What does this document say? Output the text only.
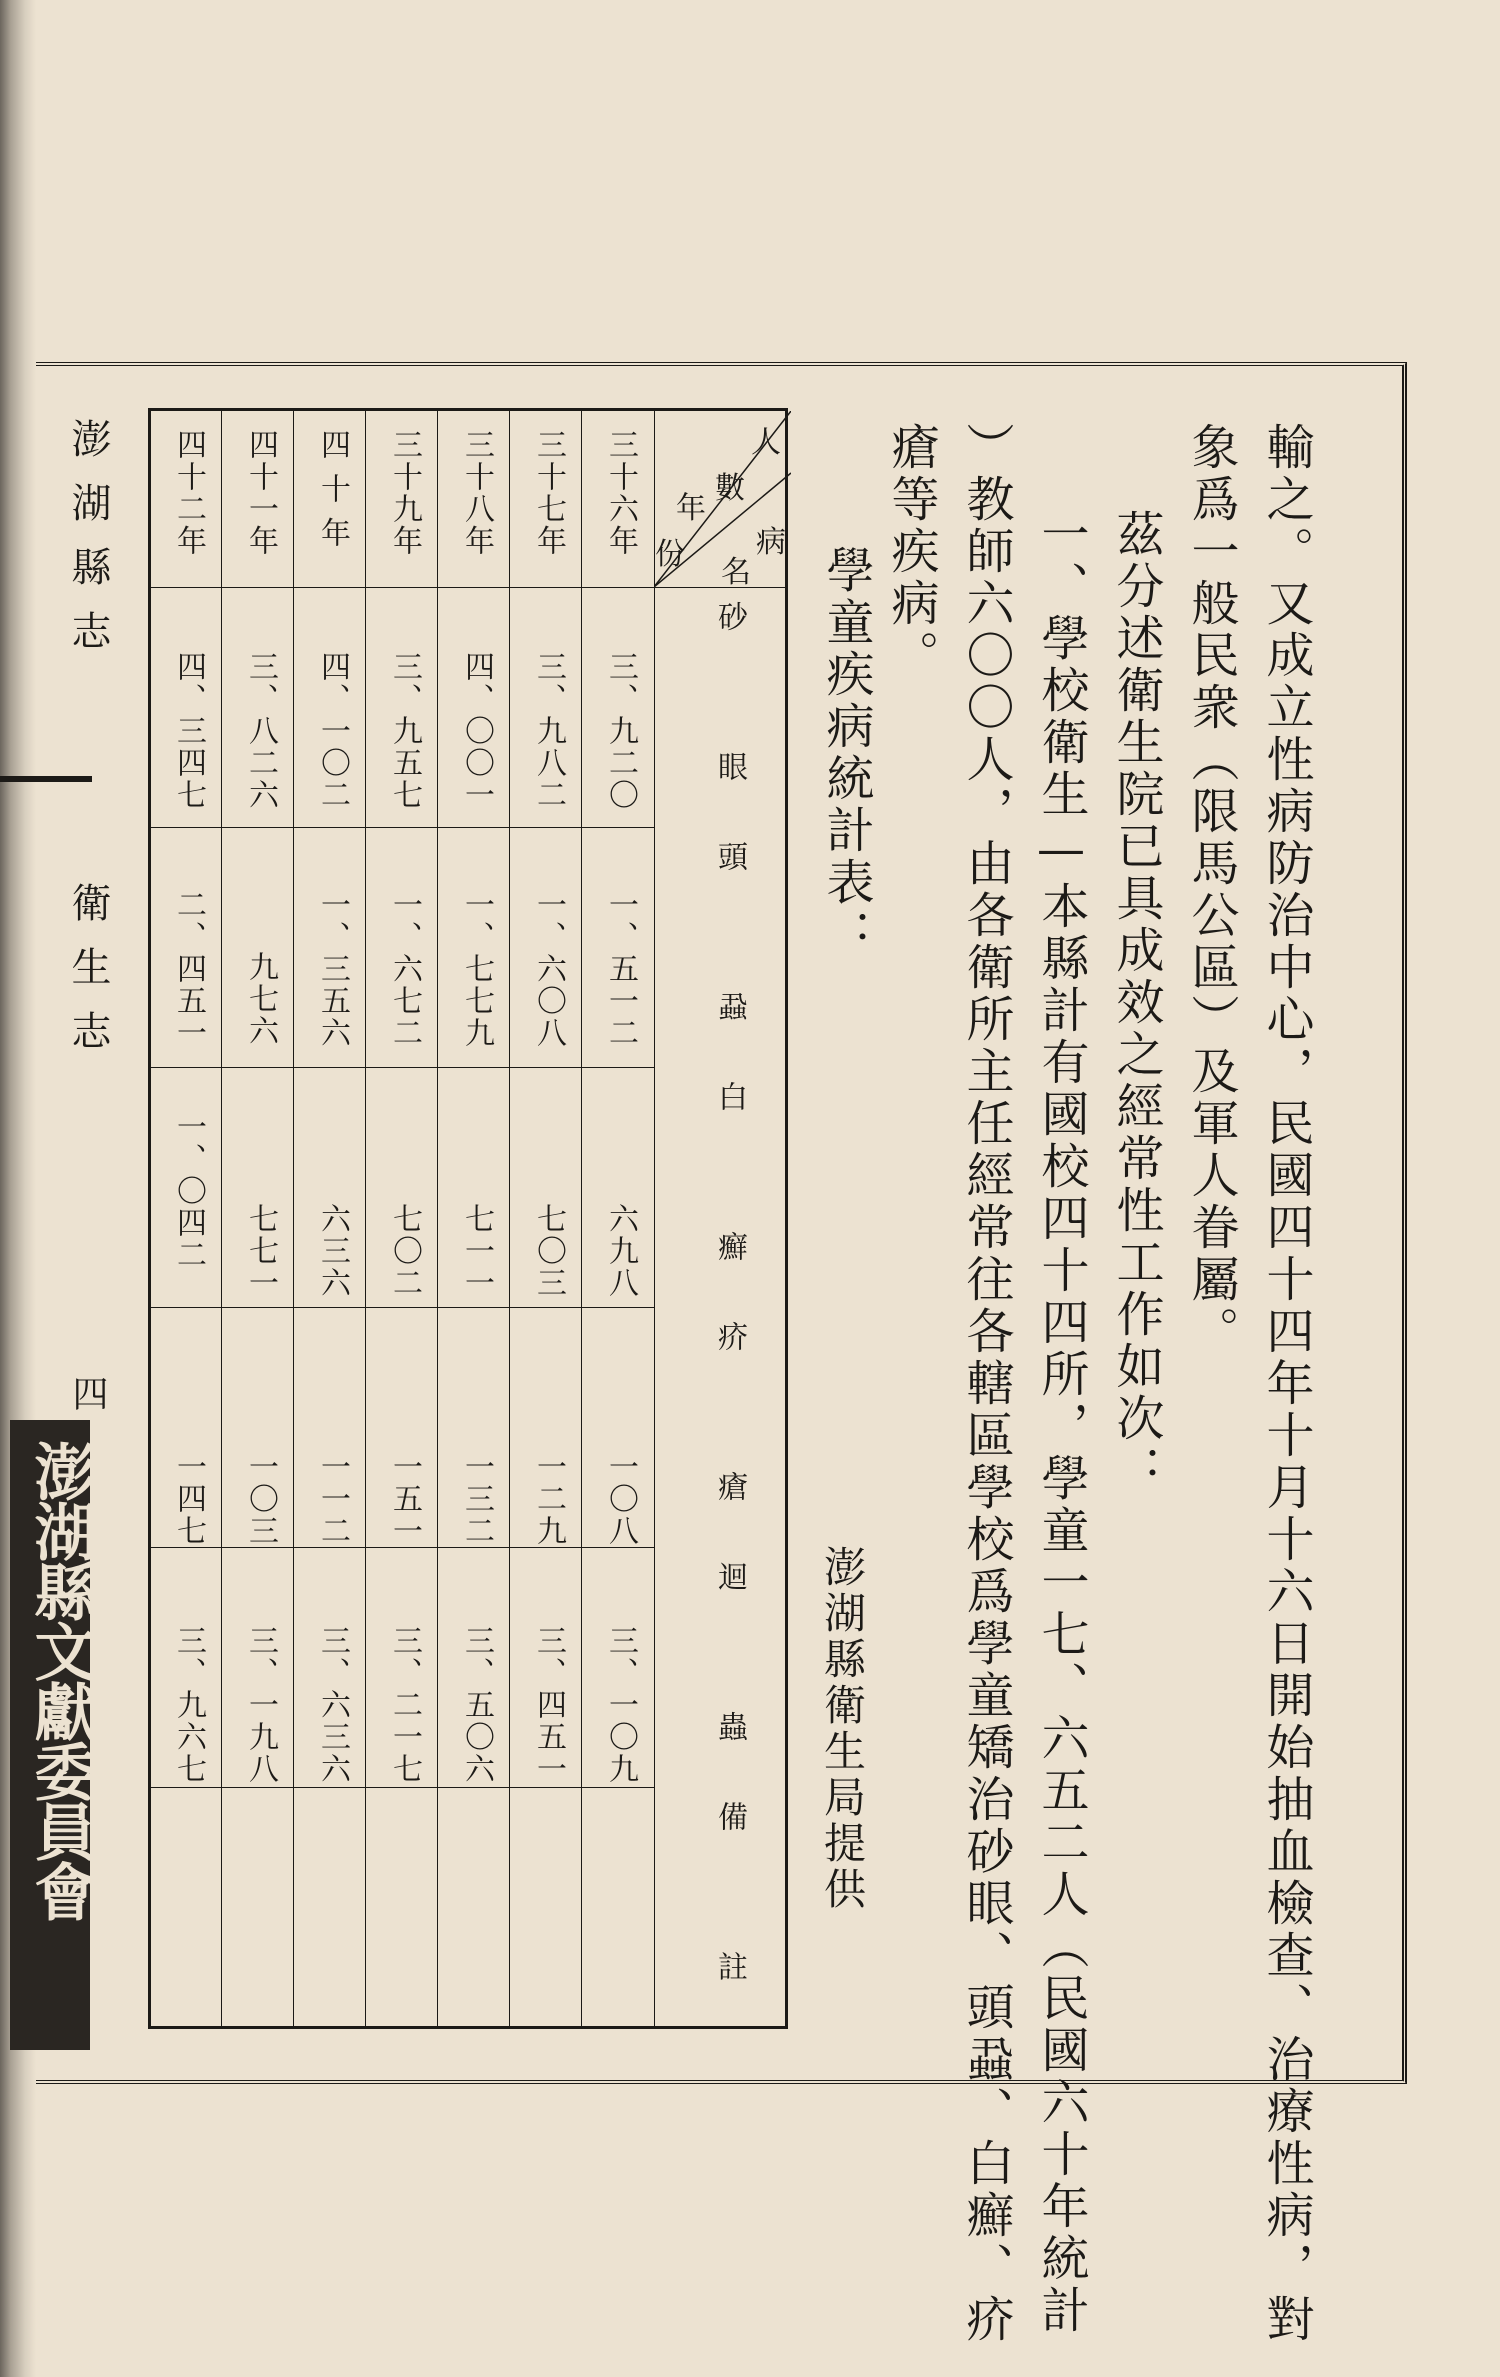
輸之。又成立性病防治中心，民國四十四年十月十六日開始抽血檢查、治療性病，對
象爲一般民衆（限馬公區）及軍人眷屬。
茲分述衛生院已具成效之經常性工作如次：
一、學校衛生—本縣計有國校四十四所，學童一七、六五二人（民國六十年統計
）教師六〇〇人，由各衛所主任經常往各轄區學校爲學童矯治砂眼、頭蝨、白癬、疥
瘡等疾病。
學童疾病統計表：
澎湖縣衛生局提供
人
數
病
名
年
份
砂眼
頭蝨
白癬
疥瘡
迴蟲
備註
三十六年
三、九二〇
一、五一二
六九八
一〇八
三、一〇九
三十七年
三、九八二
一、六〇八
七〇三
一二九
三、四五一
三十八年
四、〇〇一
一、七七九
七一一
一三二
三、五〇六
三十九年
三、九五七
一、六七二
七〇二
一五一
三、二一七
四十年
四、一〇二
一、三五六
六三六
一一二
三、六三六
四十一年
三、八二六
九七六
七七一
一〇三
三、一九八
四十二年
四、三四七
二、四五一
一、〇四二
一四七
三、九六七
澎湖縣志
衛生志
四
澎湖縣文獻委員會
